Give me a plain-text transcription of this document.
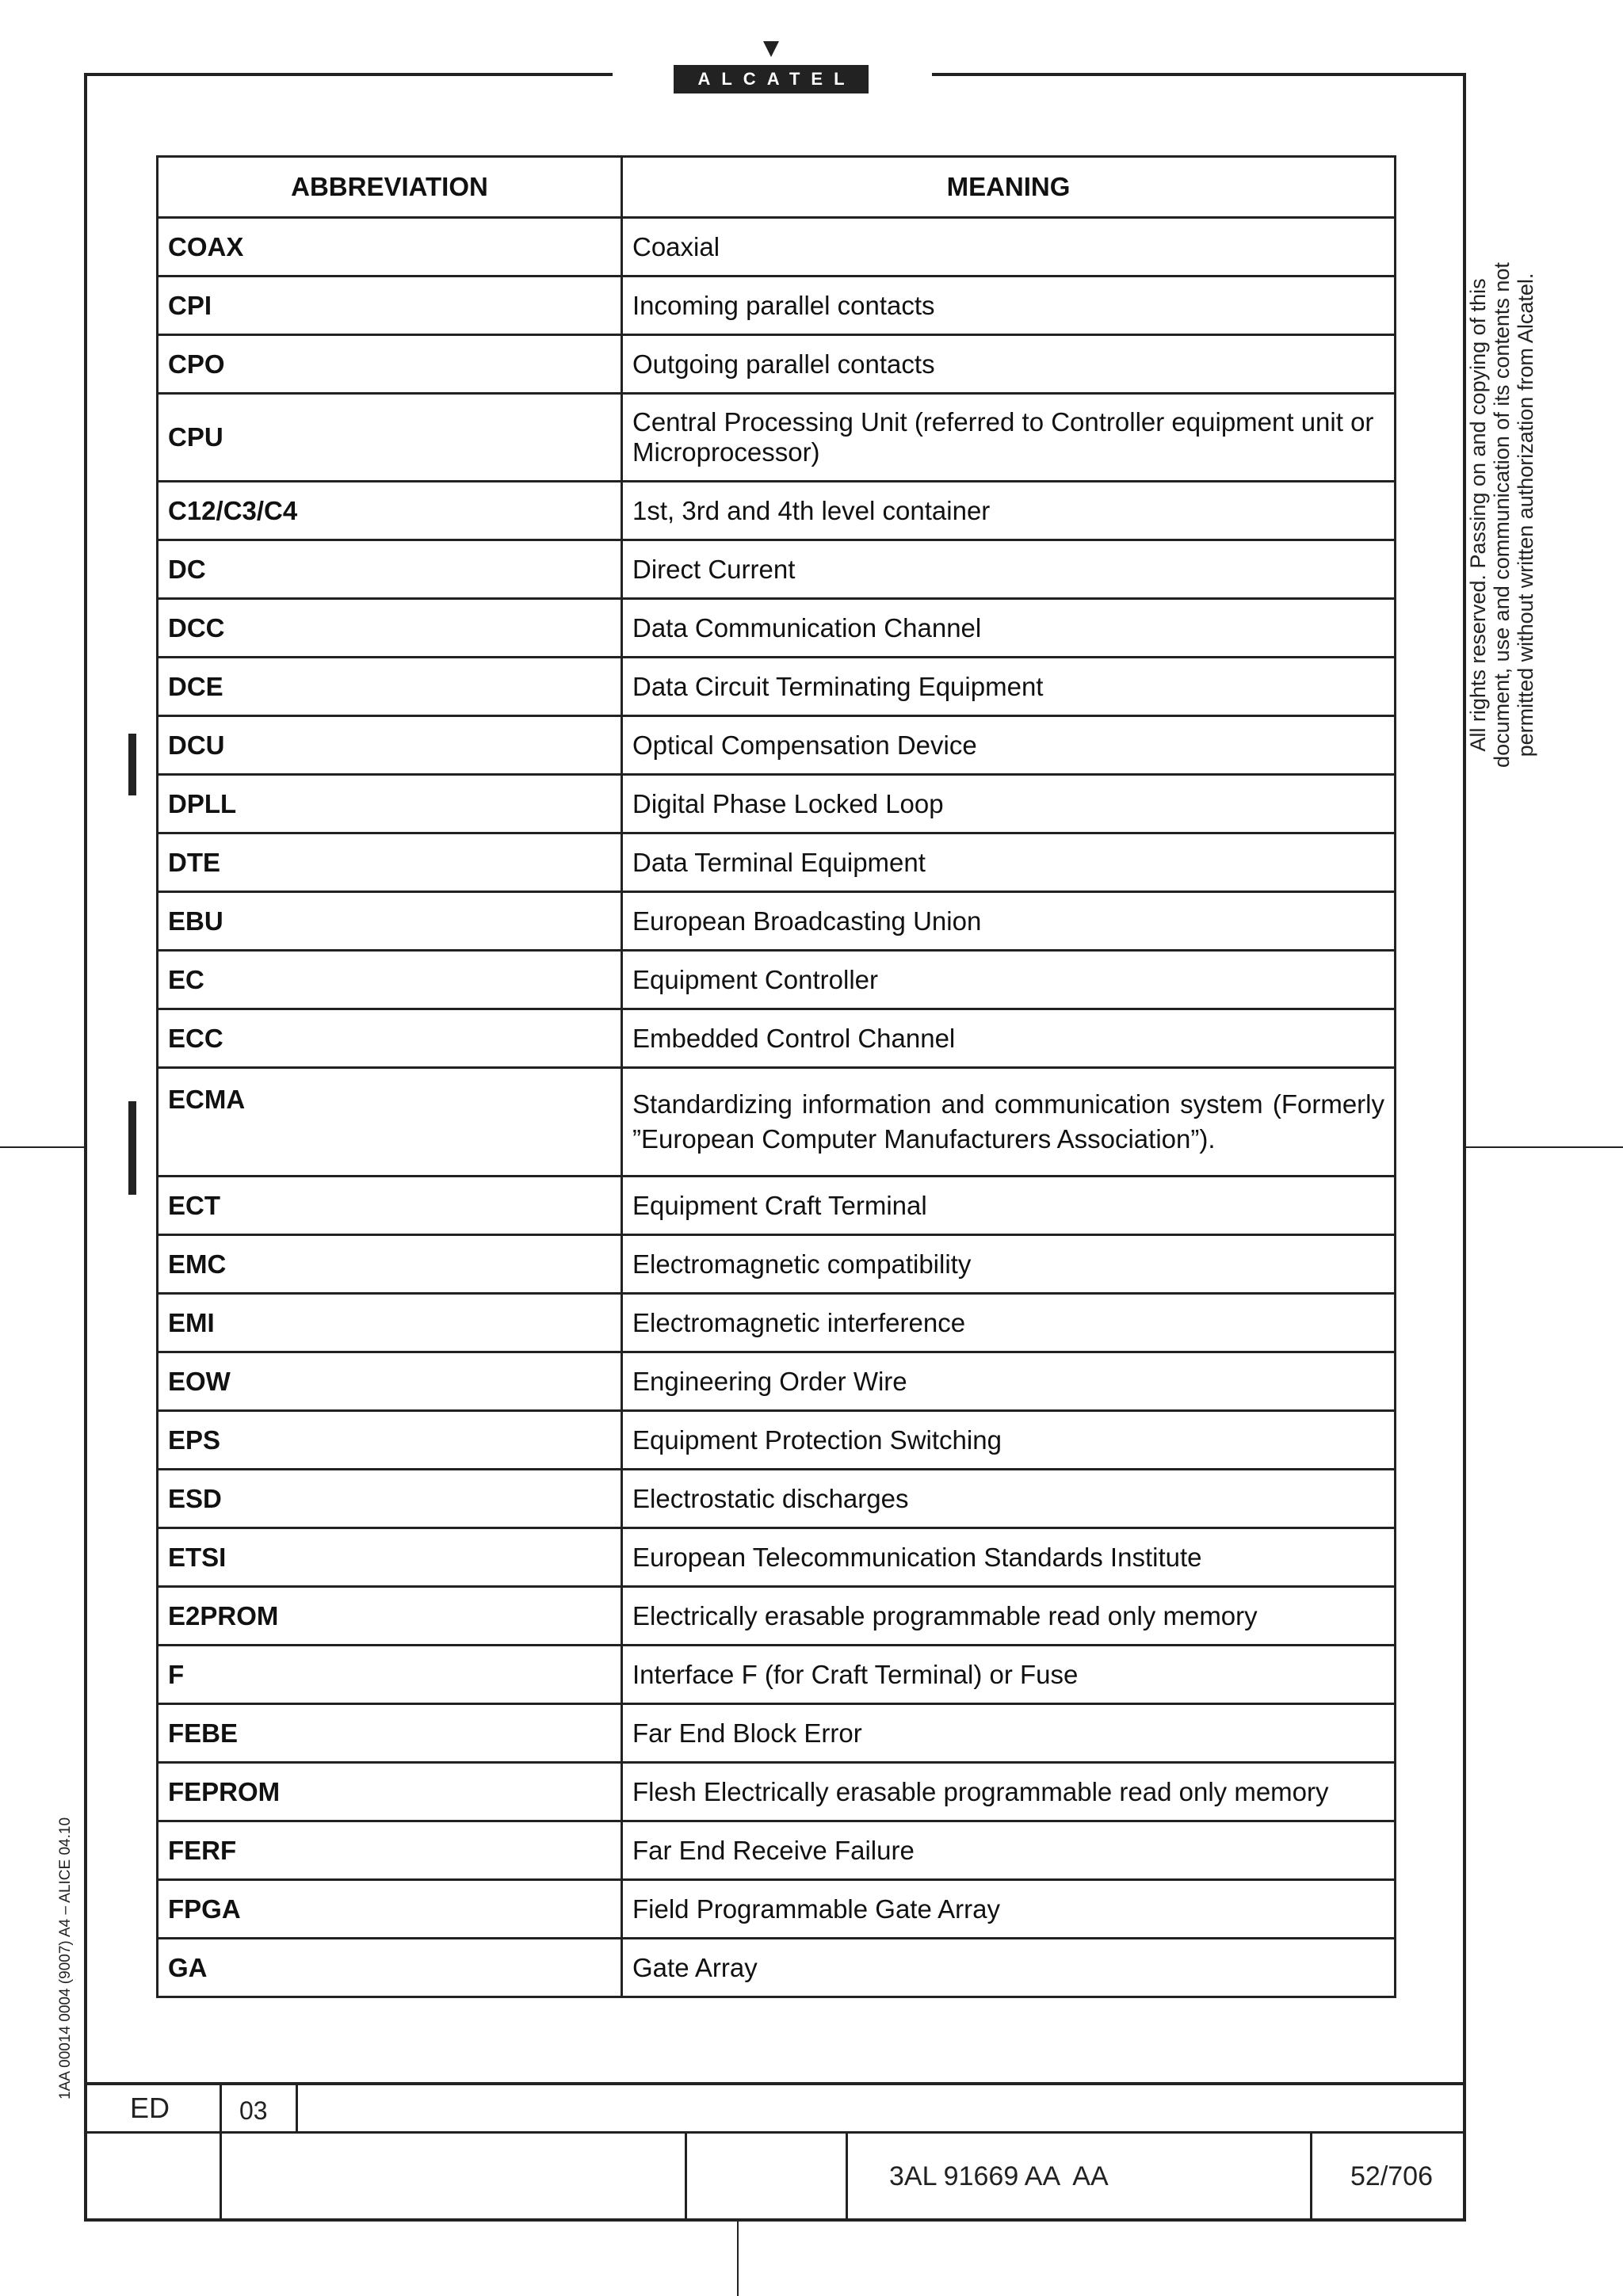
ALCATEL
ABBREVIATION	MEANING
COAX	Coaxial
CPI	Incoming parallel contacts
CPO	Outgoing parallel contacts
CPU	Central Processing Unit (referred to Controller equipment unit or Microprocessor)
C12/C3/C4	1st, 3rd and 4th level container
DC	Direct Current
DCC	Data Communication Channel
DCE	Data Circuit Terminating Equipment
DCU	Optical Compensation Device
DPLL	Digital Phase Locked Loop
DTE	Data Terminal Equipment
EBU	European Broadcasting Union
EC	Equipment Controller
ECC	Embedded Control Channel
ECMA	Standardizing information and communication system (Formerly ”European Computer Manufacturers Association”).
ECT	Equipment Craft Terminal
EMC	Electromagnetic compatibility
EMI	Electromagnetic interference
EOW	Engineering Order Wire
EPS	Equipment Protection Switching
ESD	Electrostatic discharges
ETSI	European Telecommunication Standards Institute
E2PROM	Electrically erasable programmable read only memory
F	Interface F (for Craft Terminal) or Fuse
FEBE	Far End Block Error
FEPROM	Flesh Electrically erasable programmable read only memory
FERF	Far End Receive Failure
FPGA	Field Programmable Gate Array
GA	Gate Array
All rights reserved. Passing on and copying of this document, use and communication of its contents not permitted without written authorization from Alcatel.
1AA 00014 0004 (9007) A4 – ALICE 04.10
ED	03
3AL 91669 AA  AA	52/706
